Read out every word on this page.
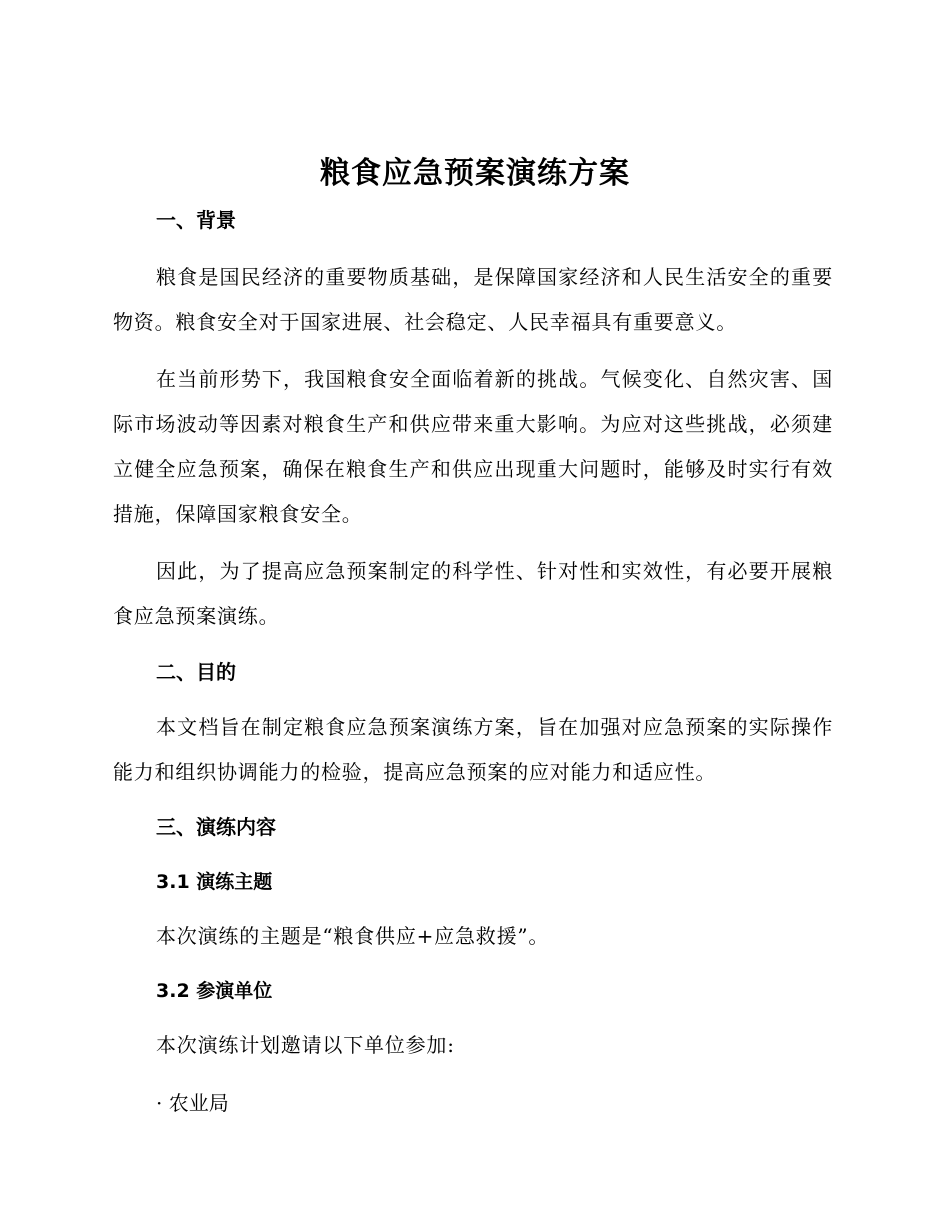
粮食应急预案演练方案
一、背景

粮食是国民经济的重要物质基础，是保障国家经济和人民生活安全的重要物资。粮食安全对于国家进展、社会稳定、人民幸福具有重要意义。

在当前形势下，我国粮食安全面临着新的挑战。气候变化、自然灾害、国际市场波动等因素对粮食生产和供应带来重大影响。为应对这些挑战，必须建立健全应急预案，确保在粮食生产和供应出现重大问题时，能够及时实行有效措施，保障国家粮食安全。

因此，为了提高应急预案制定的科学性、针对性和实效性，有必要开展粮食应急预案演练。

二、目的

本文档旨在制定粮食应急预案演练方案，旨在加强对应急预案的实际操作能力和组织协调能力的检验，提高应急预案的应对能力和适应性。

三、演练内容
3.1 演练主题

本次演练的主题是“粮食供应+应急救援”。

3.2 参演单位

本次演练计划邀请以下单位参加:

· 农业局
